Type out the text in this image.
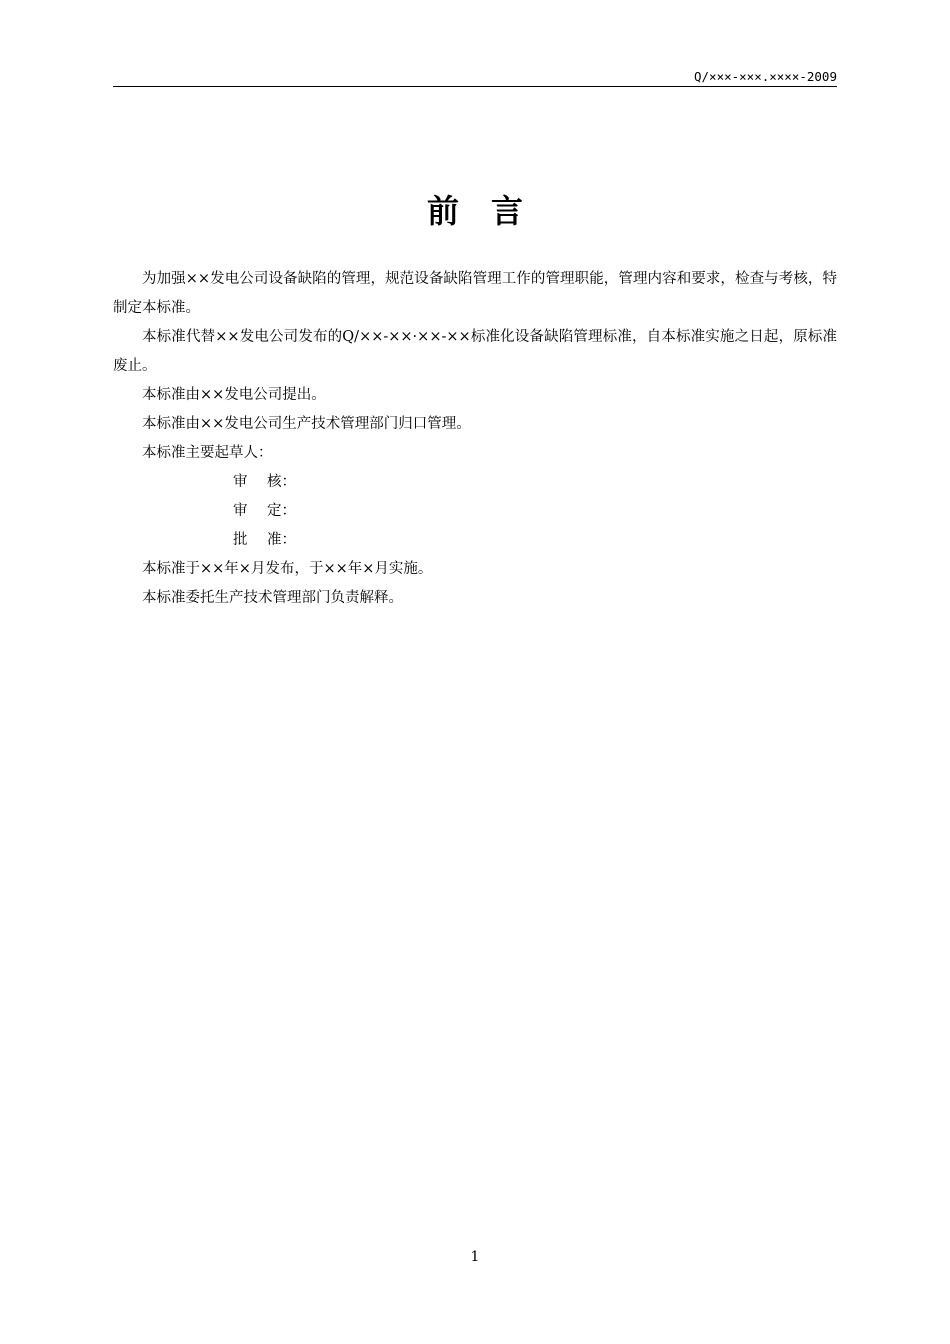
Q/×××-×××.××××-2009
前　言

为加强××发电公司设备缺陷的管理，规范设备缺陷管理工作的管理职能，管理内容和要求，检查与考核，特制定本标准。

本标准代替××发电公司发布的Q/××-××·××-××标准化设备缺陷管理标准，自本标准实施之日起，原标准废止。

本标准由××发电公司提出。

本标准由××发电公司生产技术管理部门归口管理。

本标准主要起草人：

审 核：

审 定：

批 准：

本标准于××年×月发布，于××年×月实施。

本标准委托生产技术管理部门负责解释。

1
